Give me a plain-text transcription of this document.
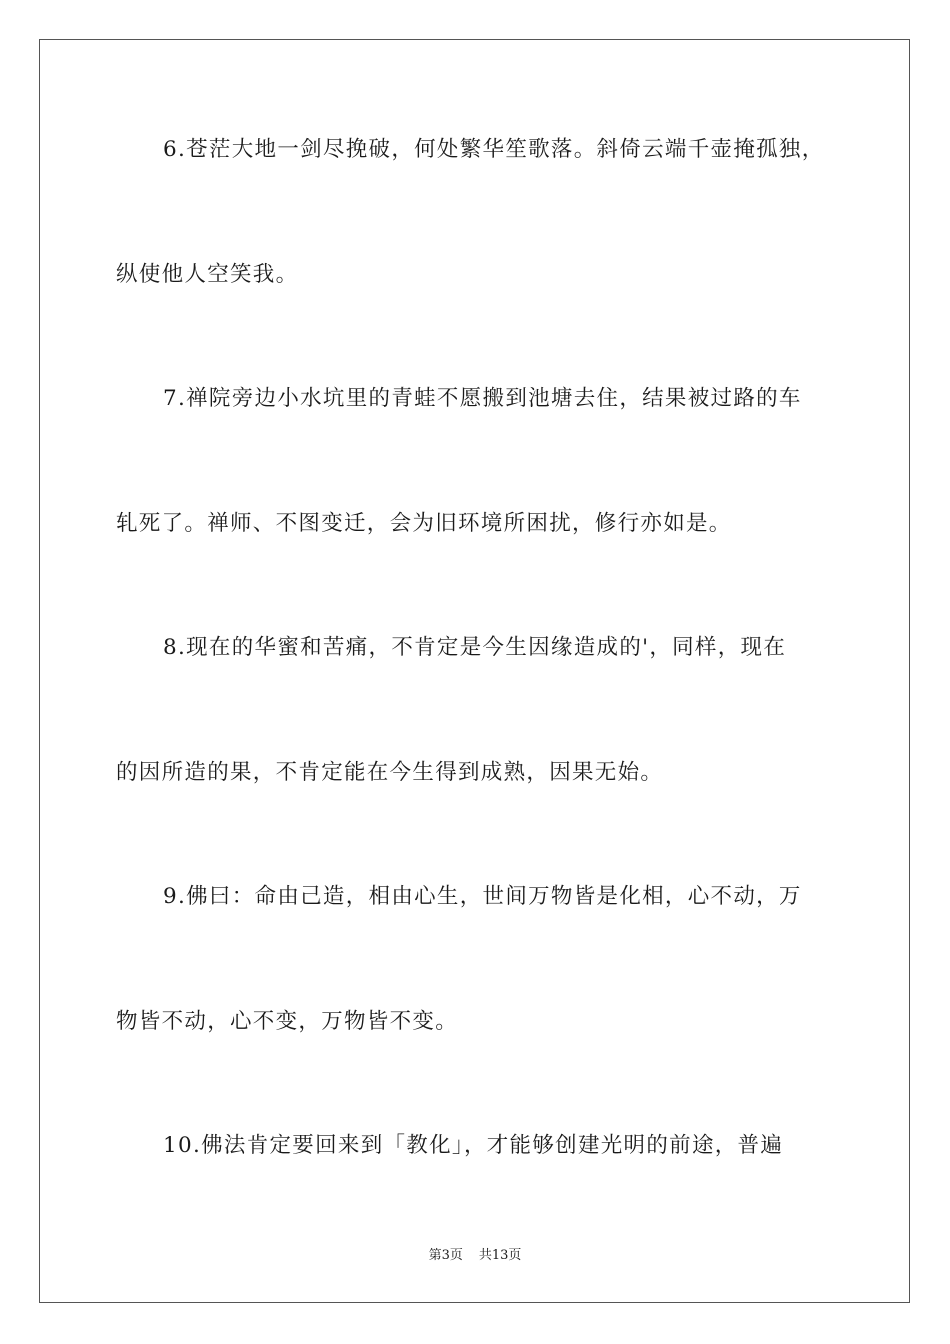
6.苍茫大地一剑尽挽破，何处繁华笙歌落。斜倚云端千壶掩孤独，
纵使他人空笑我。
7.禅院旁边小水坑里的青蛙不愿搬到池塘去住，结果被过路的车
轧死了。禅师、不图变迁，会为旧环境所困扰，修行亦如是。
8.现在的华蜜和苦痛，不肯定是今生因缘造成的'，同样，现在
的因所造的果，不肯定能在今生得到成熟，因果无始。
9.佛曰：命由己造，相由心生，世间万物皆是化相，心不动，万
物皆不动，心不变，万物皆不变。
10.佛法肯定要回来到「教化」，才能够创建光明的前途，普遍
第3页 共13页
